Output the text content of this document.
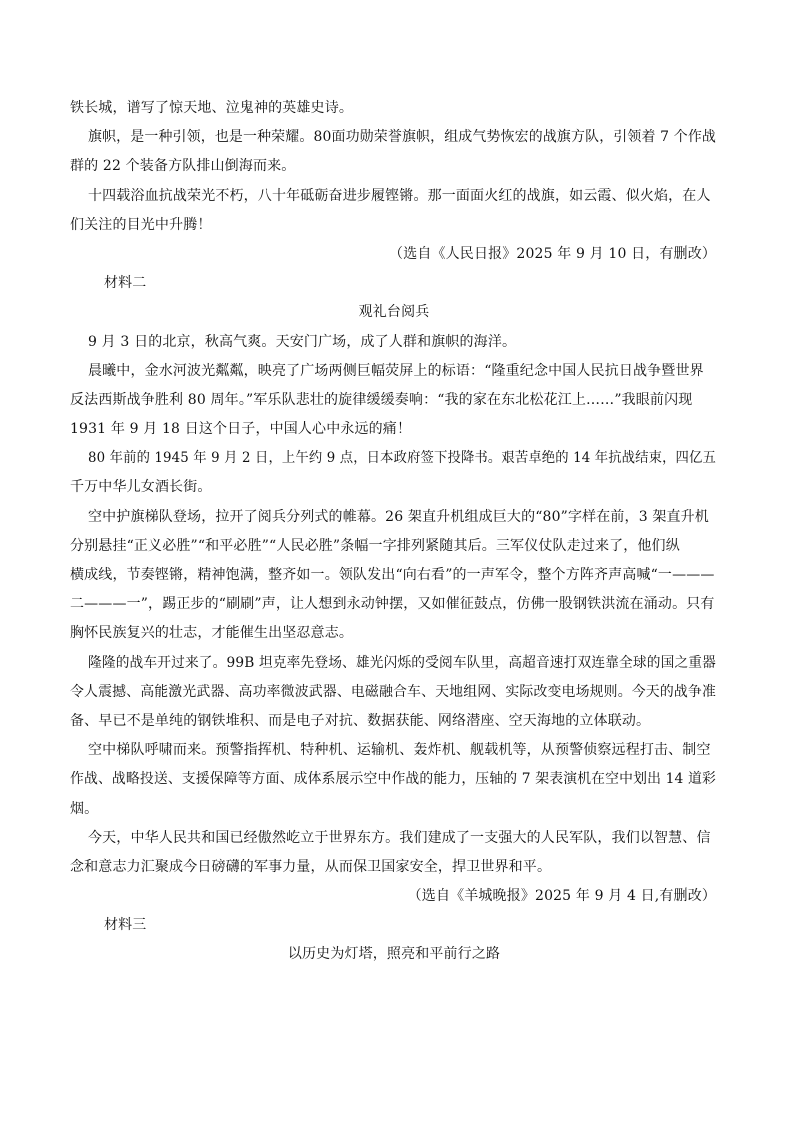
铁长城，谱写了惊天地、泣鬼神的英雄史诗。
旗帜，是一种引领，也是一种荣耀。80面功勋荣誉旗帜，组成气势恢宏的战旗方队，引领着 7 个作战
群的 22 个装备方队排山倒海而来。
十四载浴血抗战荣光不朽，八十年砥砺奋进步履铿锵。那一面面火红的战旗，如云霞、似火焰，在人
们关注的目光中升腾！
（选自《人民日报》2025 年 9 月 10 日，有删改）
材料二
观礼台阅兵
9 月 3 日的北京，秋高气爽。天安门广场，成了人群和旗帜的海洋。
晨曦中，金水河波光粼粼，映亮了广场两侧巨幅荧屏上的标语：“隆重纪念中国人民抗日战争暨世界
反法西斯战争胜利 80 周年。”军乐队悲壮的旋律缓缓奏响：“我的家在东北松花江上……”我眼前闪现
1931 年 9 月 18 日这个日子，中国人心中永远的痛！
80 年前的 1945 年 9 月 2 日，上午约 9 点，日本政府签下投降书。艰苦卓绝的 14 年抗战结束，四亿五
千万中华儿女酒长街。
空中护旗梯队登场，拉开了阅兵分列式的帷幕。26 架直升机组成巨大的“80”字样在前，3 架直升机
分别悬挂“正义必胜”“和平必胜”“人民必胜”条幅一字排列紧随其后。三军仪仗队走过来了，他们纵
横成线，节奏铿锵，精神饱满，整齐如一。领队发出“向右看”的一声军令，整个方阵齐声高喊“一———
二———一”，踢正步的“刷刷”声，让人想到永动钟摆，又如催征鼓点，仿佛一股钢铁洪流在涌动。只有
胸怀民族复兴的壮志，才能催生出坚忍意志。
隆隆的战车开过来了。99B 坦克率先登场、雄光闪烁的受阅车队里，高超音速打双连靠全球的国之重器
令人震撼、高能激光武器、高功率微波武器、电磁融合车、天地组网、实际改变电场规则。今天的战争准
备、早已不是单纯的钢铁堆积、而是电子对抗、数据获能、网络潜座、空天海地的立体联动。
空中梯队呼啸而来。预警指挥机、特种机、运输机、轰炸机、舰载机等，从预警侦察远程打击、制空
作战、战略投送、支援保障等方面、成体系展示空中作战的能力，压轴的 7 架表演机在空中划出 14 道彩
烟。
今天，中华人民共和国已经傲然屹立于世界东方。我们建成了一支强大的人民军队，我们以智慧、信
念和意志力汇聚成今日磅礴的军事力量，从而保卫国家安全，捍卫世界和平。
（选自《羊城晚报》2025 年 9 月 4 日,有删改）
材料三
以历史为灯塔，照亮和平前行之路
